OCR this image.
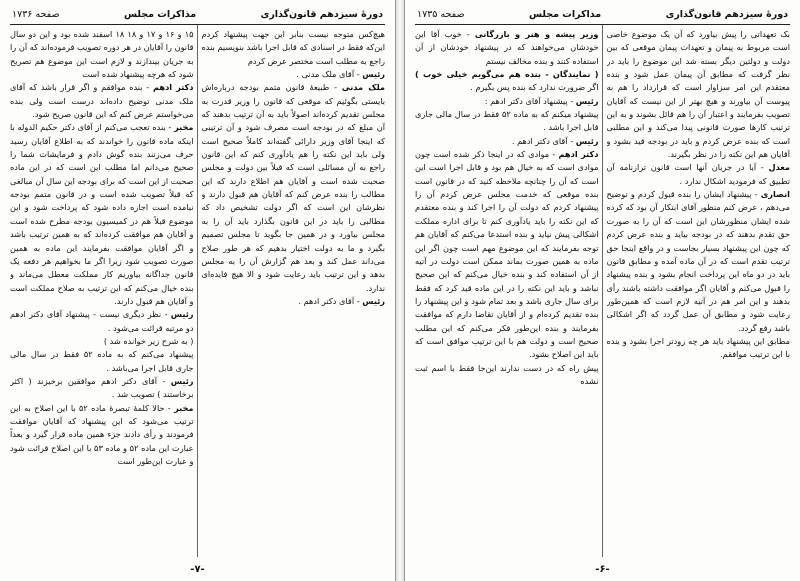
دورهٔ سیزدهم قانون‌گذاری
مذاکرات مجلس
صفحه ۱۷۳۶

هیچ‌کس متوجه نیست بنابر این جهت پیشنهاد کردم این‌که فقط در اسنادی که قابل اجرا باشد بنویسیم بنده راجع به مطلب است مختصر عرض کردم

رئیس - آقای ملک مدنی .

ملک مدنی - طبیعهٔ قانون متمم بودجه درباره‌اش بایستی بگوئیم که موقعی که قانون را وزیر قدرت به مجلس تقدیم کرده‌اند اصولاً باید به آن ترتیب بدهند که آن مبلغ که در بودجه است مصرف شود و آن ترتیبی که اینجا آقای وزیر دارائی گفته‌اند کاملاً صحیح است ولی باید این نکته را هم یادآوری کنم که این قانون راجع به آن مسائلی است که قبلاً بین دولت و مجلس صحبت شده است و آقایان هم اطلاع دارند که این مطالب را بنده عرض کنم که آقایان هم قبول دارند و نظرشان این است که اگر دولت تشخیص داد که مطالبی را باید در این قانون بگذارد باید آن را به مجلس بیاورد و در همین جا بگوید تا مجلس تصمیم بگیرد و ما به دولت اختیار بدهیم که هر طور صلاح می‌داند عمل کند و بعد هم گزارش آن را به مجلس بدهد و این ترتیب باید رعایت شود و الا هیچ فایده‌ای ندارد.

رئیس - آقای دکتر ادهم .

۱۵ و ۱۶ و ۱۷ و ۱۸ ۱۸ اسفند شده بود و این دو سال قانون را آقایان در هر دوره تصویب فرموده‌اند که آن را به جریان بیندازند و لازم است این موضوع هم تصریح شود که هرچه پیشنهاد شده است

دکتر ادهم - بنده موافقم و اگر قرار باشد که آقای ملک مدنی توضیح داده‌اند درست است ولی بنده می‌خواستم عرض کنم که این قانون صریح شود.

مخبر - بنده تعجب می‌کنم از آقای دکتر حکیم الدوله با اینکه ماده قانون را خواندند که به اطلاع آقایان رسید حرف می‌زنند بنده گوش دادم و فرمایشات شما را صحیح می‌دانم اما مطلب این است که در این ماده صحبت از این است که برای بودجه این سال آن مبالغی که قبلاً تصویب شده است و در قانون متمم بودجه نیامده است اجازه داده شود که پرداخت شود و این موضوع قبلاً هم در کمیسیون بودجه مطرح شده است و آقایان هم موافقت کرده‌اند که به همین ترتیب باشد و اگر آقایان موافقت بفرمایند این ماده به همین صورت تصویب شود زیرا اگر ما بخواهیم هر دفعه یک قانون جداگانه بیاوریم کار مملکت معطل می‌ماند و بنده خیال می‌کنم که این ترتیب به صلاح مملکت است و آقایان هم قبول دارند.

رئیس - نظر دیگری نیست - پیشنهاد آقای دکتر ادهم دو مرتبه قرائت می‌شود .

( به شرح زیر خوانده شد )

پیشنهاد می‌کنم که به ماده ۵۲ فقط در سال مالی جاری قابل اجرا می‌باشد .

رئیس - آقای دکتر ادهم موافقین برخیزند ( اکثر برخاستند ) تصویب شد .

مخبر - حالا کلمهٔ تبصرهٔ ماده ۵۲ با این اصلاح به این ترتیب می‌شود که این پیشنهاد که آقایان موافقت فرمودند و رأی دادند جزء همین ماده قرار گیرد و بعداً عبارت این ماده ۵۲ و ماده ۵۳ با این اصلاح قرائت شود و عبارت این‌طور است

-۷-
دورهٔ سیزدهم قانون‌گذاری
مذاکرات مجلس
صفحه ۱۷۳۵

بک تعهداتی را پیش بیاورد که آن یک موضوع خاصی است مربوط به پیمان و تعهدات پیمان موقعی که بین دولت و دولتین دیگر بسته شد این موضوع را باید در نظر گرفت که مطابق آن پیمان عمل شود و بنده معتقدم این امر سزاوار است که قرارداد را هم به پیوست آن بیاورند و هیچ بهتر از این نیست که آقایان تصویب بفرمایند و اعتبار آن را هم قائل بشوند و به این ترتیب کارها صورت قانونی پیدا می‌کند و این مطلبی است که بنده عرض کردم و باید در بودجه قید بشود و آقایان هم این نکته را در نظر بگیرند.

معدل - آیا در جریان آنها است قانون ترازنامه آن تطبیق که فرمودید اشکال ندارد .

انصاری - پیشنهاد ایشان را بنده قبول کردم و توضیح می‌دهم ، عرض کنم منظور آقای ابتکار آن بود که کرده شده ایشان منظورشان این است که آن را به صورت حق تقدم بدهند که در بودجه بیاید و بنده عرض کردم که چون این پیشنهاد بسیار بجاست و در واقع اینجا حق ترتیب تقدم است که در آن ماده آمده و مطابق قانون باید در دو ماه این پرداخت انجام بشود و بنده پیشنهاد را قبول می‌کنم و آقایان اگر موافقت داشته باشند رأی بدهند و این امر هم در آتیه لازم است که همین‌طور رعایت شود و مطابق آن عمل گردد که اگر اشکالی باشد رفع گردد.

مطابق این پیشنهاد باید هر چه زودتر اجرا بشود و بنده با این ترتیب موافقم.

وزیر پیشه و هنر و بازرگانی - خوب آقا این خودشان می‌خواهند که در پیشنهاد خودشان از آن استفاده کنند و بنده مخالف نیستم

( نمایندگان - بنده هم می‌گویم خیلی خوب ) اگر ضرورت ندارد که بنده پس بگیرم .

رئیس - پیشنهاد آقای دکتر ادهم :

پیشنهاد میکنم که به ماده ۵۲ فقط در سال مالی جاری قابل اجرا باشد .

رئیس - آقای دکتر ادهم .

دکتر ادهم - موادی که در اینجا ذکر شده است چون موادی است که به خیال هم بود و قابل اجرا است این است که آن را چنانچه ملاحظه کنید که در قانون است بنده موقعی که خدمت مجلس عرض کردم آن را پیشنهاد کردم که دولت آن را اجرا کند و بنده معتقدم که این نکته را باید یادآوری کنم تا برای اداره مملکت اشکالی پیش نیاید و بنده استدعا می‌کنم که آقایان هم توجه بفرمایند که این موضوع مهم است چون اگر این ماده به همین صورت بماند ممکن است دولت در آتیه از آن استفاده کند و بنده خیال می‌کنم که این صحیح نباشد و باید این نکته را در این ماده قید کرد که فقط برای سال جاری باشد و بعد تمام شود و این پیشنهاد را بنده تقدیم کرده‌ام و از آقایان تقاضا دارم که موافقت بفرمایند و بنده این‌طور فکر می‌کنم که این مطلب صحیح است و دولت هم با این ترتیب موافق است که باید این اصلاح بشود.

پیش راه که در دست ندارند این‌جا فقط با اسم ثبت نشده

-۶-
